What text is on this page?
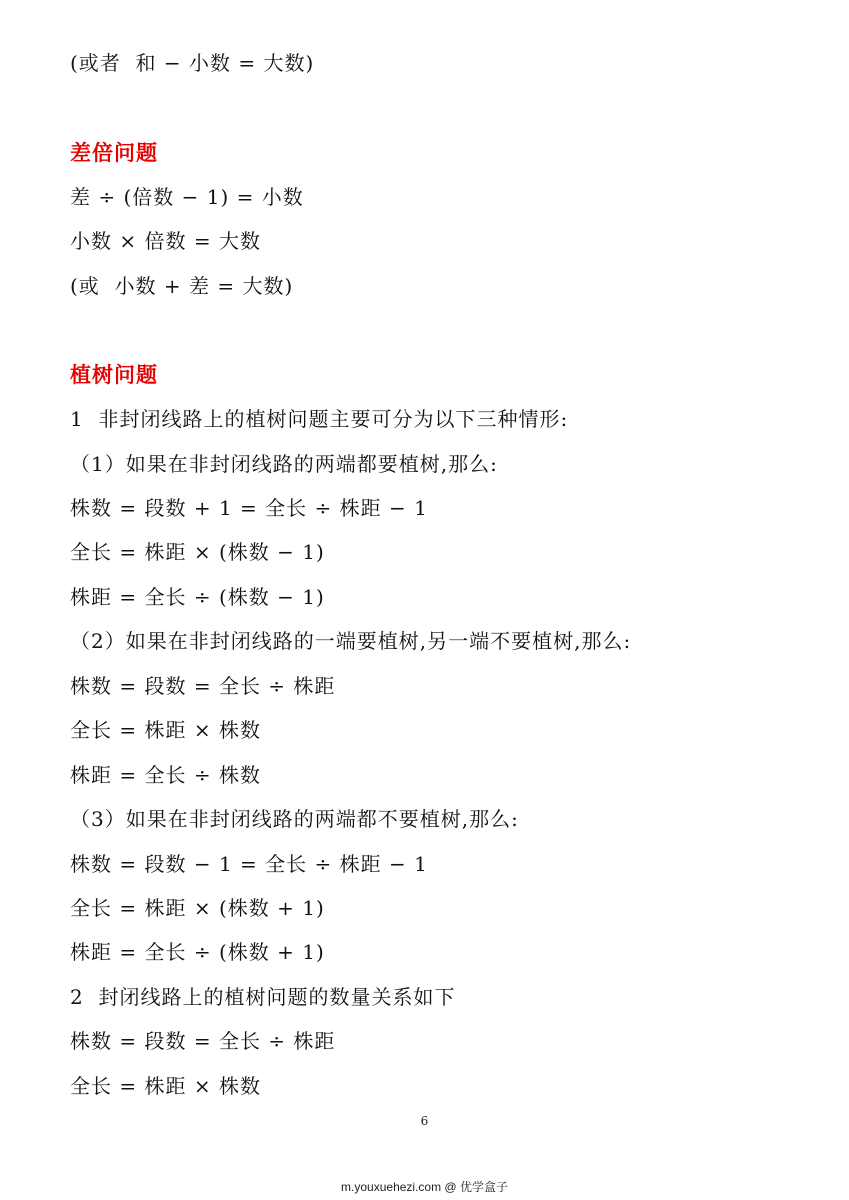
(或者  和 − 小数 = 大数)
差倍问题
差 ÷ (倍数 − 1) = 小数
小数 × 倍数 = 大数
(或  小数 + 差 = 大数)
植树问题
1  非封闭线路上的植树问题主要可分为以下三种情形:
（1）如果在非封闭线路的两端都要植树,那么:
株数 = 段数 + 1 = 全长 ÷ 株距 − 1
全长 = 株距 × (株数 − 1)
株距 = 全长 ÷ (株数 − 1)
（2）如果在非封闭线路的一端要植树,另一端不要植树,那么:
株数 = 段数 = 全长 ÷ 株距
全长 = 株距 × 株数
株距 = 全长 ÷ 株数
（3）如果在非封闭线路的两端都不要植树,那么:
株数 = 段数 − 1 = 全长 ÷ 株距 − 1
全长 = 株距 × (株数 + 1)
株距 = 全长 ÷ (株数 + 1)
2  封闭线路上的植树问题的数量关系如下
株数 = 段数 = 全长 ÷ 株距
全长 = 株距 × 株数
6
m.youxuehezi.com @ 优学盒子
